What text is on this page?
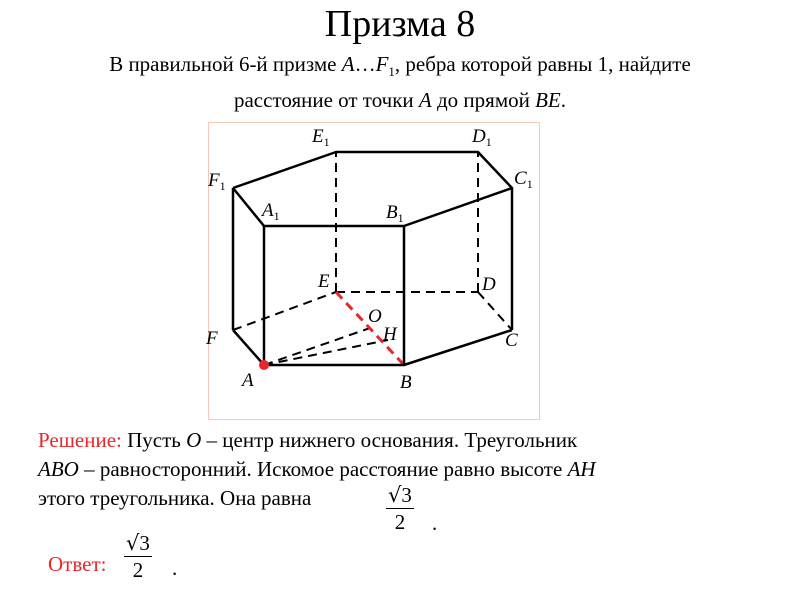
Призма 8
В правильной 6-й призме $A\dots F_1$, ребра которой равны 1, найдите
расстояние от точки A до прямой BE.
A	B
C
D
E
F
O
H
$A_1$	$B_1$
$C_1$
$D_1$
$E_1$
$F_1$
Решение: Пусть O – центр нижнего основания. Треугольник
ABO – равносторонний. Искомое расстояние равно высоте AH
этого треугольника. Она равна	$\frac{√3}{2}$ .
Ответ: $\frac{√3}{2}$ .
